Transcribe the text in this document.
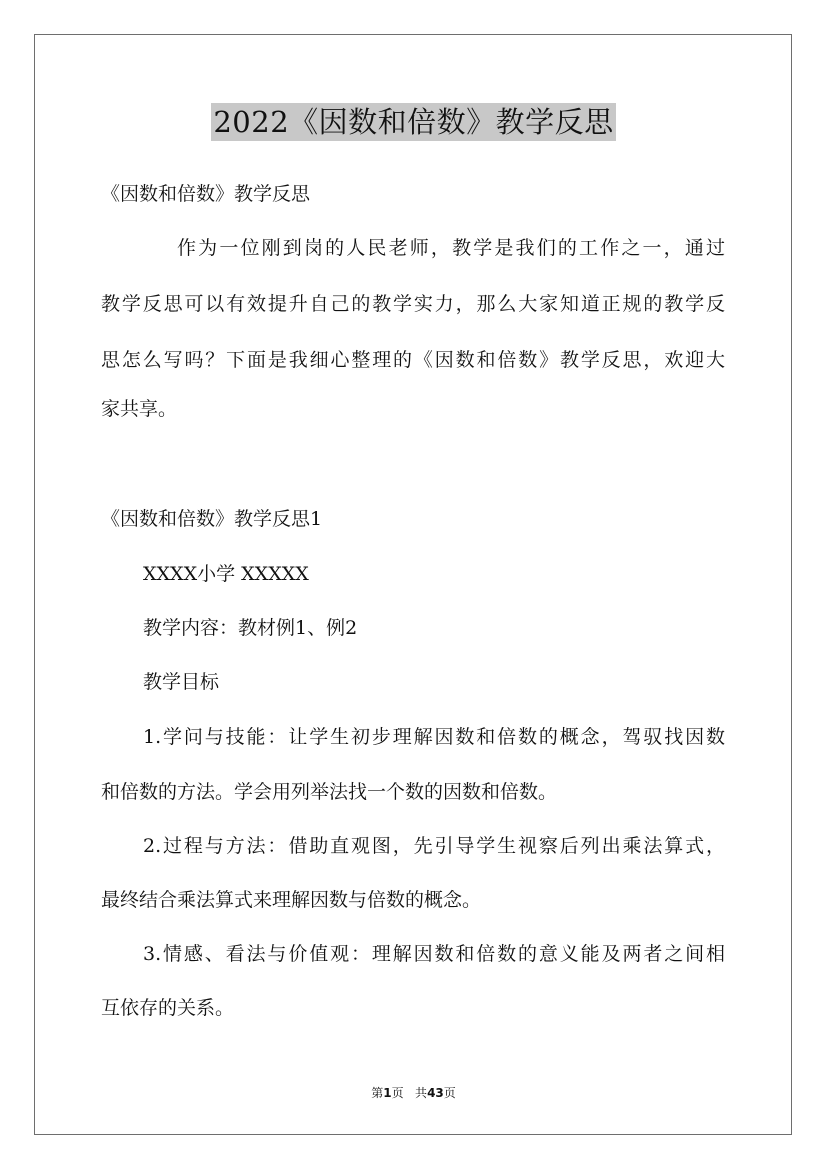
2022《因数和倍数》教学反思
《因数和倍数》教学反思
作为一位刚到岗的人民老师，教学是我们的工作之一，通过
教学反思可以有效提升自己的教学实力，那么大家知道正规的教学反
思怎么写吗？下面是我细心整理的《因数和倍数》教学反思，欢迎大
家共享。
《因数和倍数》教学反思1
XXXX小学 XXXXX
教学内容：教材例1、例2
教学目标
1.学问与技能：让学生初步理解因数和倍数的概念，驾驭找因数
和倍数的方法。学会用列举法找一个数的因数和倍数。
2.过程与方法：借助直观图，先引导学生视察后列出乘法算式，
最终结合乘法算式来理解因数与倍数的概念。
3.情感、看法与价值观：理解因数和倍数的意义能及两者之间相
互依存的关系。
第1页 共43页
